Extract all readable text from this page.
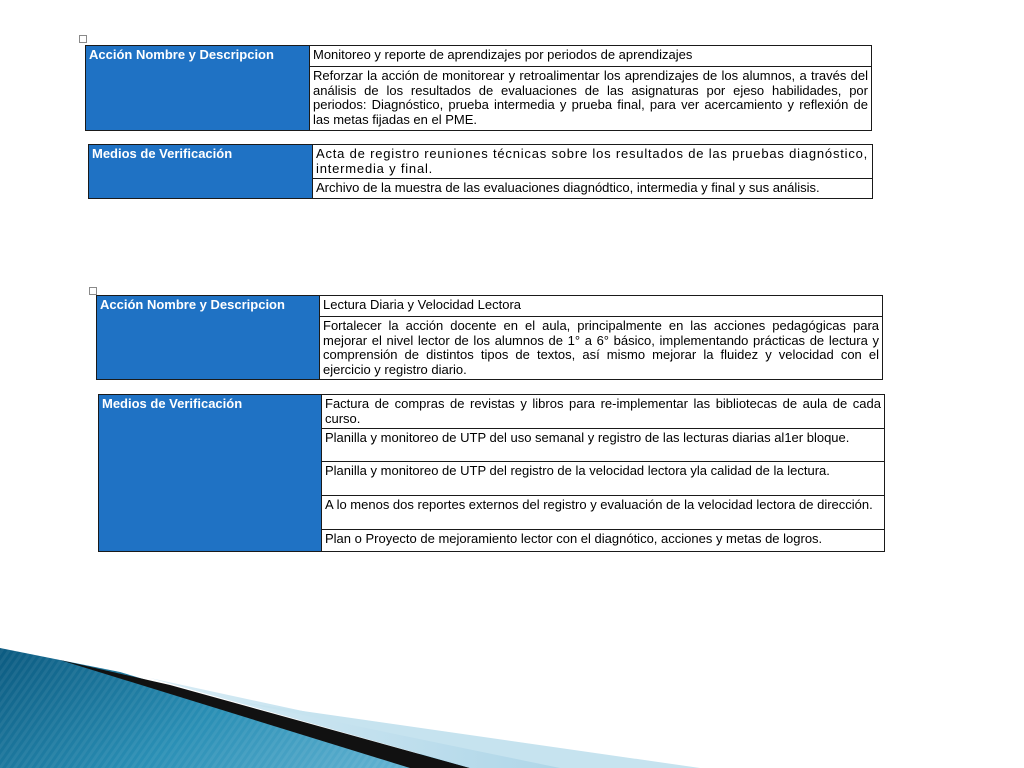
Acción Nombre y Descripcion	Monitoreo y reporte de aprendizajes por periodos de aprendizajes
Reforzar la acción de monitorear y retroalimentar los aprendizajes de los alumnos, a través del análisis de los resultados de evaluaciones de las asignaturas por ejeso habilidades, por periodos: Diagnóstico, prueba intermedia y prueba final, para ver acercamiento y reflexión de las metas fijadas en el PME.
Medios de Verificación	Acta de registro reuniones técnicas sobre los resultados de las pruebas diagnóstico, intermedia y final.
Archivo de la muestra de las evaluaciones diagnódtico, intermedia y final y sus análisis.
Acción Nombre y Descripcion	Lectura Diaria y Velocidad Lectora
Fortalecer la acción docente en el aula, principalmente en las acciones pedagógicas para mejorar el nivel lector de los alumnos de 1° a 6° básico, implementando prácticas de lectura y comprensión de distintos tipos de textos, así mismo mejorar la fluidez y velocidad con el ejercicio y registro diario.
Medios de Verificación	Factura de compras de revistas y libros para re-implementar las bibliotecas de aula de cada curso.
Planilla y monitoreo de UTP del uso semanal y registro de las lecturas diarias al1er bloque.
Planilla y monitoreo de UTP del registro de la velocidad lectora yla calidad de la lectura.
A lo menos dos reportes externos del registro y evaluación de la velocidad lectora de dirección.
Plan o Proyecto de mejoramiento lector con el diagnótico, acciones y metas de logros.
